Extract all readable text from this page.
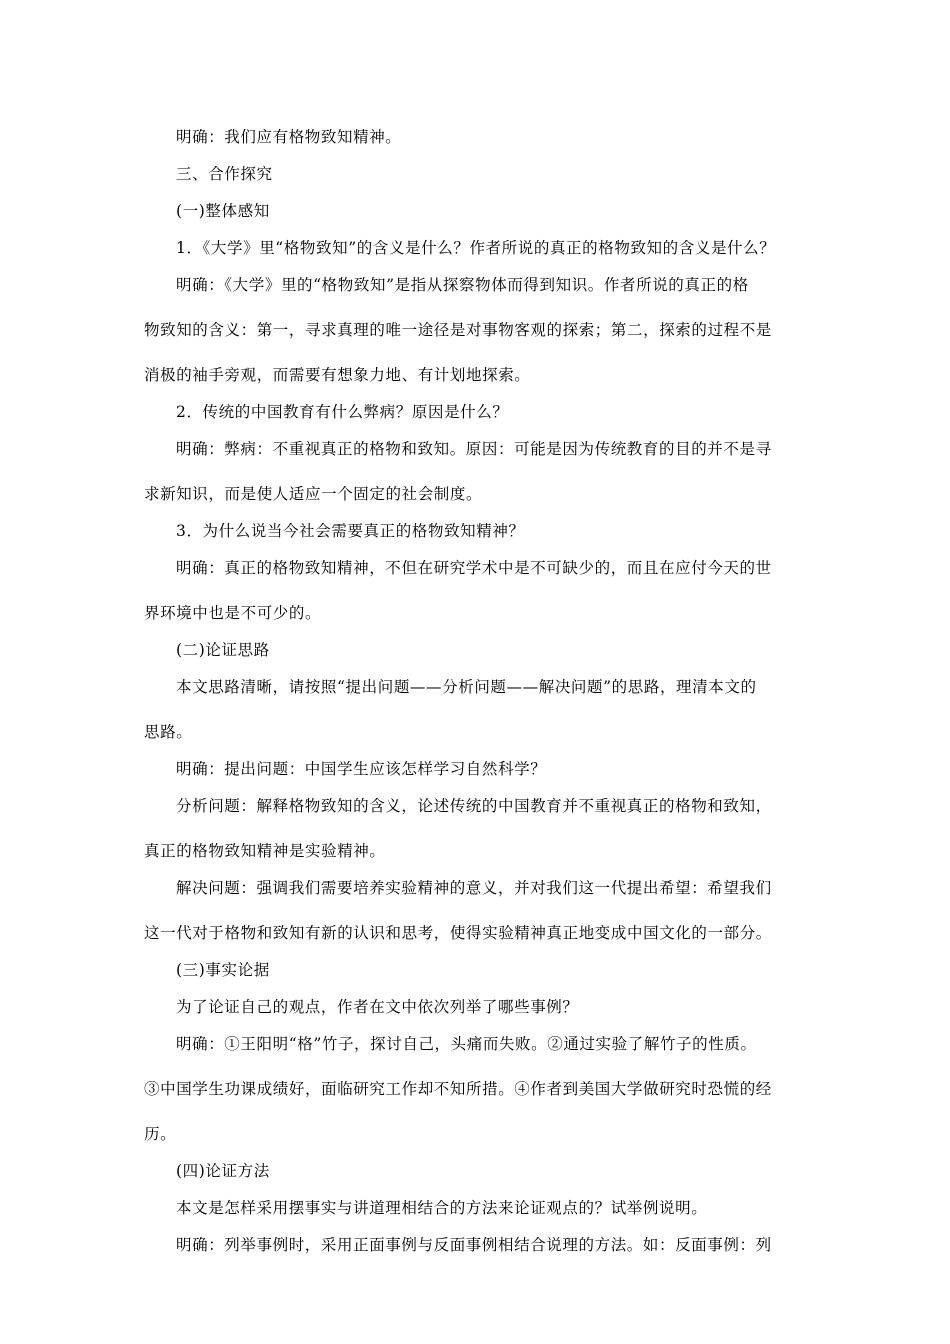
明确：我们应有格物致知精神。

三、合作探究

(一)整体感知

1．《大学》里“格物致知”的含义是什么？作者所说的真正的格物致知的含义是什么？

明确：《大学》里的“格物致知”是指从探察物体而得到知识。作者所说的真正的格

物致知的含义：第一，寻求真理的唯一途径是对事物客观的探索；第二，探索的过程不是

消极的袖手旁观，而需要有想象力地、有计划地探索。

2．传统的中国教育有什么弊病？原因是什么？

明确：弊病：不重视真正的格物和致知。原因：可能是因为传统教育的目的并不是寻

求新知识，而是使人适应一个固定的社会制度。

3．为什么说当今社会需要真正的格物致知精神？

明确：真正的格物致知精神，不但在研究学术中是不可缺少的，而且在应付今天的世

界环境中也是不可少的。

(二)论证思路

本文思路清晰，请按照“提出问题——分析问题——解决问题”的思路，理清本文的

思路。

明确：提出问题：中国学生应该怎样学习自然科学？

分析问题：解释格物致知的含义，论述传统的中国教育并不重视真正的格物和致知，

真正的格物致知精神是实验精神。

解决问题：强调我们需要培养实验精神的意义，并对我们这一代提出希望：希望我们

这一代对于格物和致知有新的认识和思考，使得实验精神真正地变成中国文化的一部分。

(三)事实论据

为了论证自己的观点，作者在文中依次列举了哪些事例？

明确：①王阳明“格”竹子，探讨自己，头痛而失败。②通过实验了解竹子的性质。

③中国学生功课成绩好，面临研究工作却不知所措。④作者到美国大学做研究时恐慌的经

历。

(四)论证方法

本文是怎样采用摆事实与讲道理相结合的方法来论证观点的？试举例说明。

明确：列举事例时，采用正面事例与反面事例相结合说理的方法。如：反面事例：列
